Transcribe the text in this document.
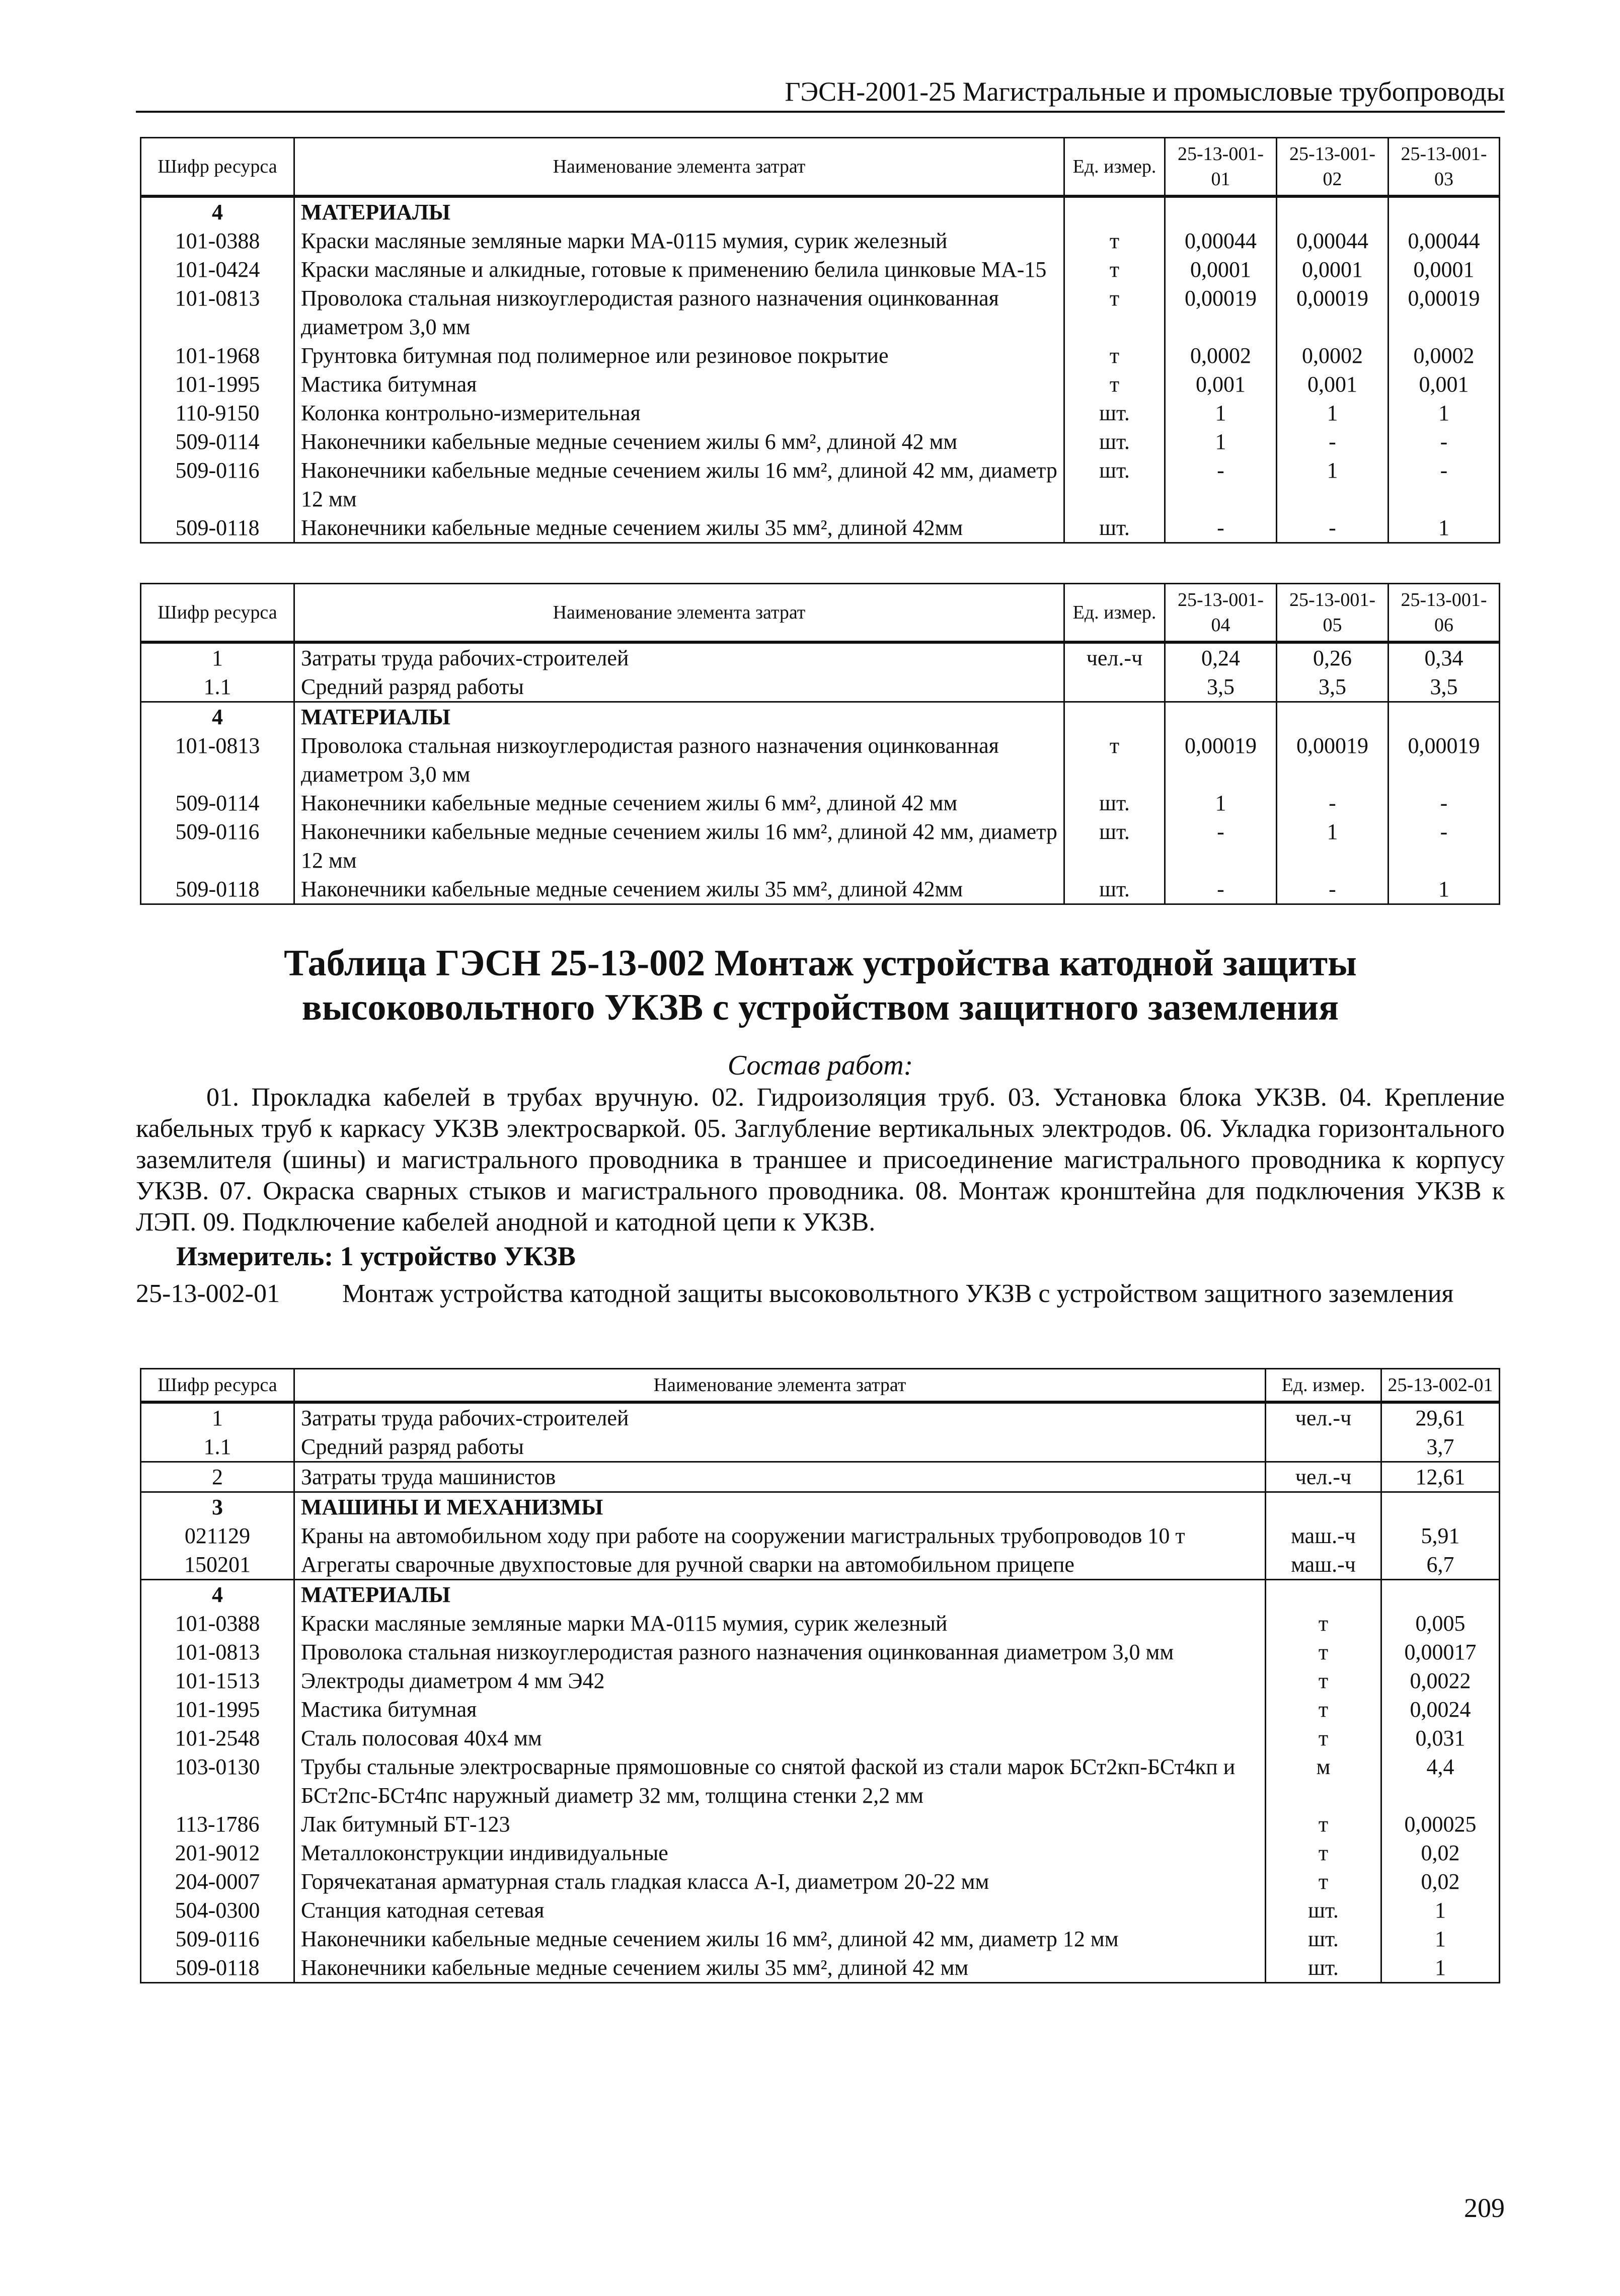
ГЭСН-2001-25 Магистральные и промысловые трубопроводы
Шифр ресурса	Наименование элемента затрат	Ед. измер.	25-13-001-01	25-13-001-02	25-13-001-03
4	МАТЕРИАЛЫ				
101-0388	Краски масляные земляные марки МА-0115 мумия, сурик железный	т	0,00044	0,00044	0,00044
101-0424	Краски масляные и алкидные, готовые к применению белила цинковые МА-15	т	0,0001	0,0001	0,0001
101-0813	Проволока стальная низкоуглеродистая разного назначения оцинкованная диаметром 3,0 мм	т	0,00019	0,00019	0,00019
101-1968	Грунтовка битумная под полимерное или резиновое покрытие	т	0,0002	0,0002	0,0002
101-1995	Мастика битумная	т	0,001	0,001	0,001
110-9150	Колонка контрольно-измерительная	шт.	1	1	1
509-0114	Наконечники кабельные медные сечением жилы 6 мм², длиной 42 мм	шт.	1	-	-
509-0116	Наконечники кабельные медные сечением жилы 16 мм², длиной 42 мм, диаметр 12 мм	шт.	-	1	-
509-0118	Наконечники кабельные медные сечением жилы 35 мм², длиной 42мм	шт.	-	-	1
Шифр ресурса	Наименование элемента затрат	Ед. измер.	25-13-001-04	25-13-001-05	25-13-001-06
1	Затраты труда рабочих-строителей	чел.-ч	0,24	0,26	0,34
1.1	Средний разряд работы		3,5	3,5	3,5
4	МАТЕРИАЛЫ				
101-0813	Проволока стальная низкоуглеродистая разного назначения оцинкованная диаметром 3,0 мм	т	0,00019	0,00019	0,00019
509-0114	Наконечники кабельные медные сечением жилы 6 мм², длиной 42 мм	шт.	1	-	-
509-0116	Наконечники кабельные медные сечением жилы 16 мм², длиной 42 мм, диаметр 12 мм	шт.	-	1	-
509-0118	Наконечники кабельные медные сечением жилы 35 мм², длиной 42мм	шт.	-	-	1
Таблица ГЭСН 25-13-002 Монтаж устройства катодной защиты высоковольтного УКЗВ с устройством защитного заземления
Состав работ:
01. Прокладка кабелей в трубах вручную. 02. Гидроизоляция труб. 03. Установка блока УКЗВ. 04. Крепление кабельных труб к каркасу УКЗВ электросваркой. 05. Заглубление вертикальных электродов. 06. Укладка горизонтального заземлителя (шины) и магистрального проводника в траншее и присоединение магистрального проводника к корпусу УКЗВ. 07. Окраска сварных стыков и магистрального проводника. 08. Монтаж кронштейна для подключения УКЗВ к ЛЭП. 09. Подключение кабелей анодной и катодной цепи к УКЗВ.
Измеритель: 1 устройство УКЗВ
25-13-002-01 Монтаж устройства катодной защиты высоковольтного УКЗВ с устройством защитного заземления
Шифр ресурса	Наименование элемента затрат	Ед. измер.	25-13-002-01
1	Затраты труда рабочих-строителей	чел.-ч	29,61
1.1	Средний разряд работы		3,7
2	Затраты труда машинистов	чел.-ч	12,61
3	МАШИНЫ И МЕХАНИЗМЫ		
021129	Краны на автомобильном ходу при работе на сооружении магистральных трубопроводов 10 т	маш.-ч	5,91
150201	Агрегаты сварочные двухпостовые для ручной сварки на автомобильном прицепе	маш.-ч	6,7
4	МАТЕРИАЛЫ		
101-0388	Краски масляные земляные марки МА-0115 мумия, сурик железный	т	0,005
101-0813	Проволока стальная низкоуглеродистая разного назначения оцинкованная диаметром 3,0 мм	т	0,00017
101-1513	Электроды диаметром 4 мм Э42	т	0,0022
101-1995	Мастика битумная	т	0,0024
101-2548	Сталь полосовая 40х4 мм	т	0,031
103-0130	Трубы стальные электросварные прямошовные со снятой фаской из стали марок БСт2кп-БСт4кп и БСт2пс-БСт4пс наружный диаметр 32 мм, толщина стенки 2,2 мм	м	4,4
113-1786	Лак битумный БТ-123	т	0,00025
201-9012	Металлоконструкции индивидуальные	т	0,02
204-0007	Горячекатаная арматурная сталь гладкая класса А-I, диаметром 20-22 мм	т	0,02
504-0300	Станция катодная сетевая	шт.	1
509-0116	Наконечники кабельные медные сечением жилы 16 мм², длиной 42 мм, диаметр 12 мм	шт.	1
509-0118	Наконечники кабельные медные сечением жилы 35 мм², длиной 42 мм	шт.	1
209
